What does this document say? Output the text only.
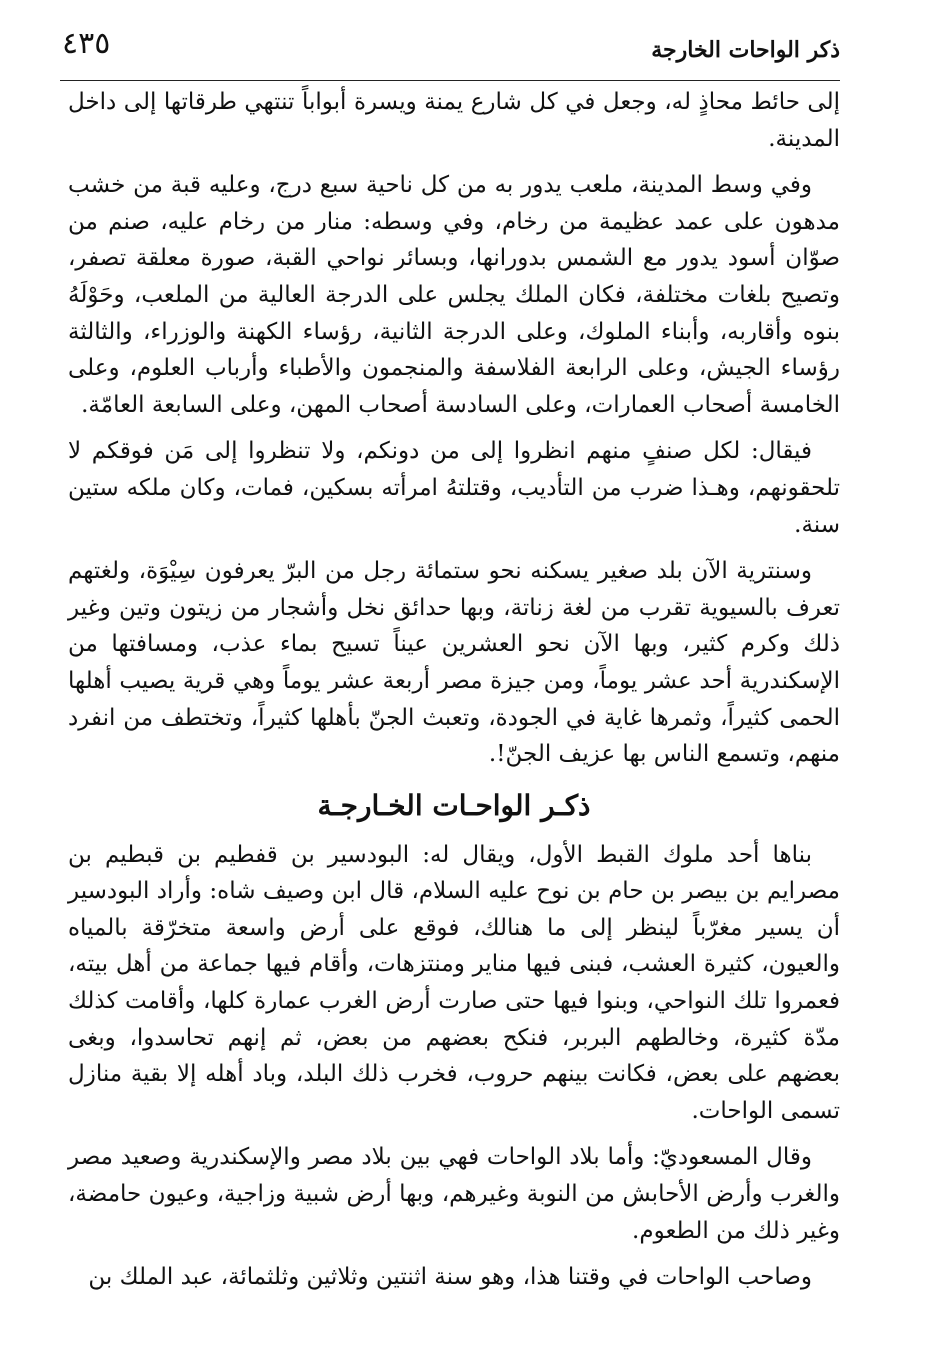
٤٣٥	ذكر الواحات الخارجة

إلى حائط محاذٍ له، وجعل في كل شارع يمنة ويسرة أبواباً تنتهي طرقاتها إلى داخل المدينة.

وفي وسط المدينة، ملعب يدور به من كل ناحية سبع درج، وعليه قبة من خشب مدهون على عمد عظيمة من رخام، وفي وسطه: منار من رخام عليه، صنم من صوّان أسود يدور مع الشمس بدورانها، وبسائر نواحي القبة، صورة معلقة تصفر، وتصيح بلغات مختلفة، فكان الملك يجلس على الدرجة العالية من الملعب، وحَوْلَهُ بنوه وأقاربه، وأبناء الملوك، وعلى الدرجة الثانية، رؤساء الكهنة والوزراء، والثالثة رؤساء الجيش، وعلى الرابعة الفلاسفة والمنجمون والأطباء وأرباب العلوم، وعلى الخامسة أصحاب العمارات، وعلى السادسة أصحاب المهن، وعلى السابعة العامّة.

فيقال: لكل صنفٍ منهم انظروا إلى من دونكم، ولا تنظروا إلى مَن فوقكم لا تلحقونهم، وهـذا ضرب من التأديب، وقتلتهُ امرأته بسكين، فمات، وكان ملكه ستين سنة.

وسنترية الآن بلد صغير يسكنه نحو ستمائة رجل من البرّ يعرفون سِيْوَة، ولغتهم تعرف بالسيوية تقرب من لغة زناتة، وبها حدائق نخل وأشجار من زيتون وتين وغير ذلك وكرم كثير، وبها الآن نحو العشرين عيناً تسيح بماء عذب، ومسافتها من الإسكندرية أحد عشر يوماً، ومن جيزة مصر أربعة عشر يوماً وهي قرية يصيب أهلها الحمى كثيراً، وثمرها غاية في الجودة، وتعبث الجنّ بأهلها كثيراً، وتختطف من انفرد منهم، وتسمع الناس بها عزيف الجنّ!.

ذكـر الواحـات الخـارجـة

بناها أحد ملوك القبط الأول، ويقال له: البودسير بن قفطيم بن قبطيم بن مصرايم بن بيصر بن حام بن نوح عليه السلام، قال ابن وصيف شاه: وأراد البودسير أن يسير مغرّباً لينظر إلى ما هنالك، فوقع على أرض واسعة متخرّقة بالمياه والعيون، كثيرة العشب، فبنى فيها مناير ومنتزهات، وأقام فيها جماعة من أهل بيته، فعمروا تلك النواحي، وبنوا فيها حتى صارت أرض الغرب عمارة كلها، وأقامت كذلك مدّة كثيرة، وخالطهم البربر، فنكح بعضهم من بعض، ثم إنهم تحاسدوا، وبغى بعضهم على بعض، فكانت بينهم حروب، فخرب ذلك البلد، وباد أهله إلا بقية منازل تسمى الواحات.

وقال المسعوديّ: وأما بلاد الواحات فهي بين بلاد مصر والإسكندرية وصعيد مصر والغرب وأرض الأحابش من النوبة وغيرهم، وبها أرض شبية وزاجية، وعيون حامضة، وغير ذلك من الطعوم.

وصاحب الواحات في وقتنا هذا، وهو سنة اثنتين وثلاثين وثلثمائة، عبد الملك بن
